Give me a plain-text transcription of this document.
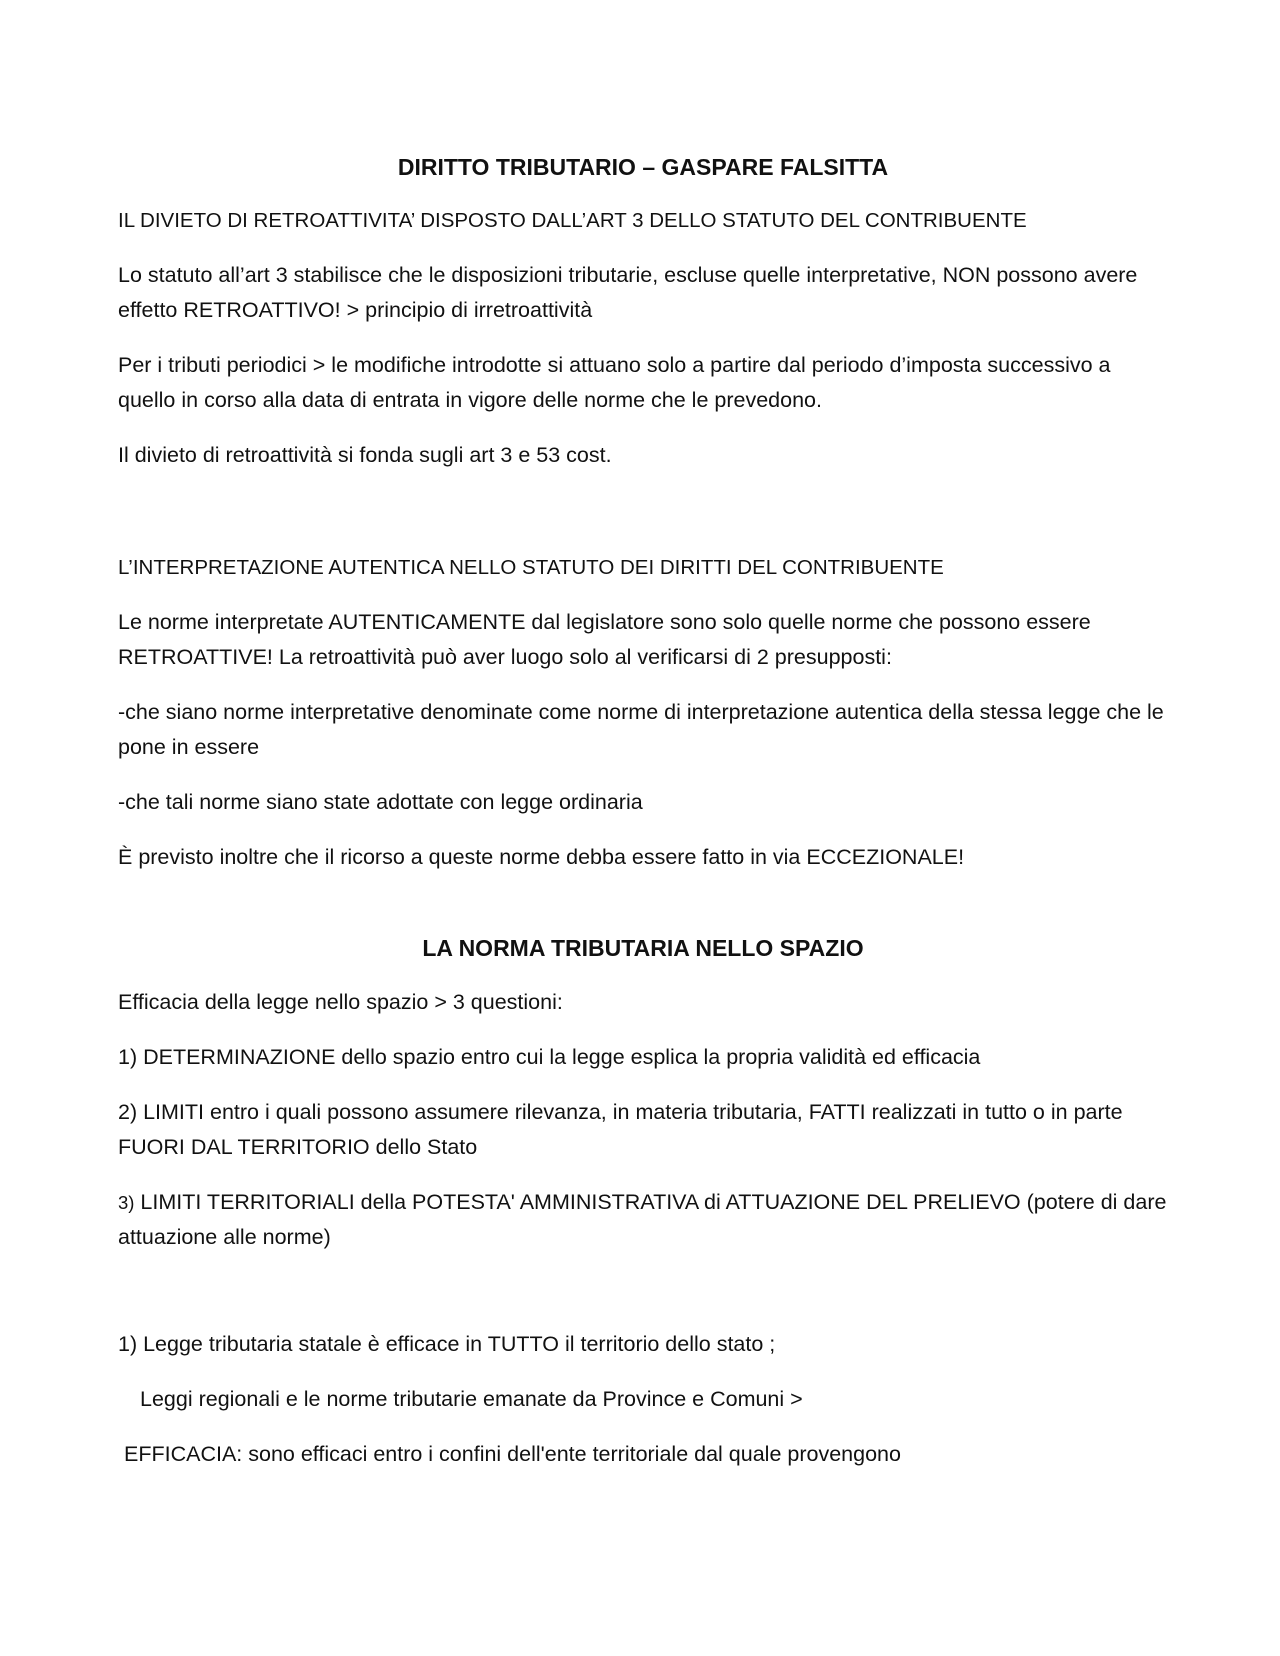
DIRITTO TRIBUTARIO – GASPARE FALSITTA
IL DIVIETO DI RETROATTIVITA’ DISPOSTO DALL’ART 3 DELLO STATUTO DEL CONTRIBUENTE
Lo statuto all’art 3 stabilisce che le disposizioni tributarie, escluse quelle interpretative, NON possono avere effetto RETROATTIVO! > principio di irretroattività
Per i tributi periodici > le modifiche introdotte si attuano solo a partire dal periodo d’imposta successivo a quello in corso alla data di entrata in vigore delle norme che le prevedono.
Il divieto di retroattività si fonda sugli art 3 e 53 cost.
L’INTERPRETAZIONE AUTENTICA NELLO STATUTO DEI DIRITTI DEL CONTRIBUENTE
Le norme interpretate AUTENTICAMENTE dal legislatore sono solo quelle norme che possono essere RETROATTIVE! La retroattività può aver luogo solo al verificarsi di 2 presupposti:
-che siano norme interpretative denominate come norme di interpretazione autentica della stessa legge che le pone in essere
-che tali norme siano state adottate con legge ordinaria
È previsto inoltre che il ricorso a queste norme debba essere fatto in via ECCEZIONALE!
LA NORMA TRIBUTARIA NELLO SPAZIO
Efficacia della legge nello spazio > 3 questioni:
1) DETERMINAZIONE dello spazio entro cui la legge esplica la propria validità ed efficacia
2) LIMITI entro i quali possono assumere rilevanza, in materia tributaria, FATTI realizzati in tutto o in parte FUORI DAL TERRITORIO dello Stato
3) LIMITI TERRITORIALI della POTESTA' AMMINISTRATIVA di ATTUAZIONE DEL PRELIEVO (potere di dare attuazione alle norme)
1) Legge tributaria statale è efficace in TUTTO il territorio dello stato ;
Leggi regionali e le norme tributarie emanate da Province e Comuni >
EFFICACIA: sono efficaci entro i confini dell'ente territoriale dal quale provengono
